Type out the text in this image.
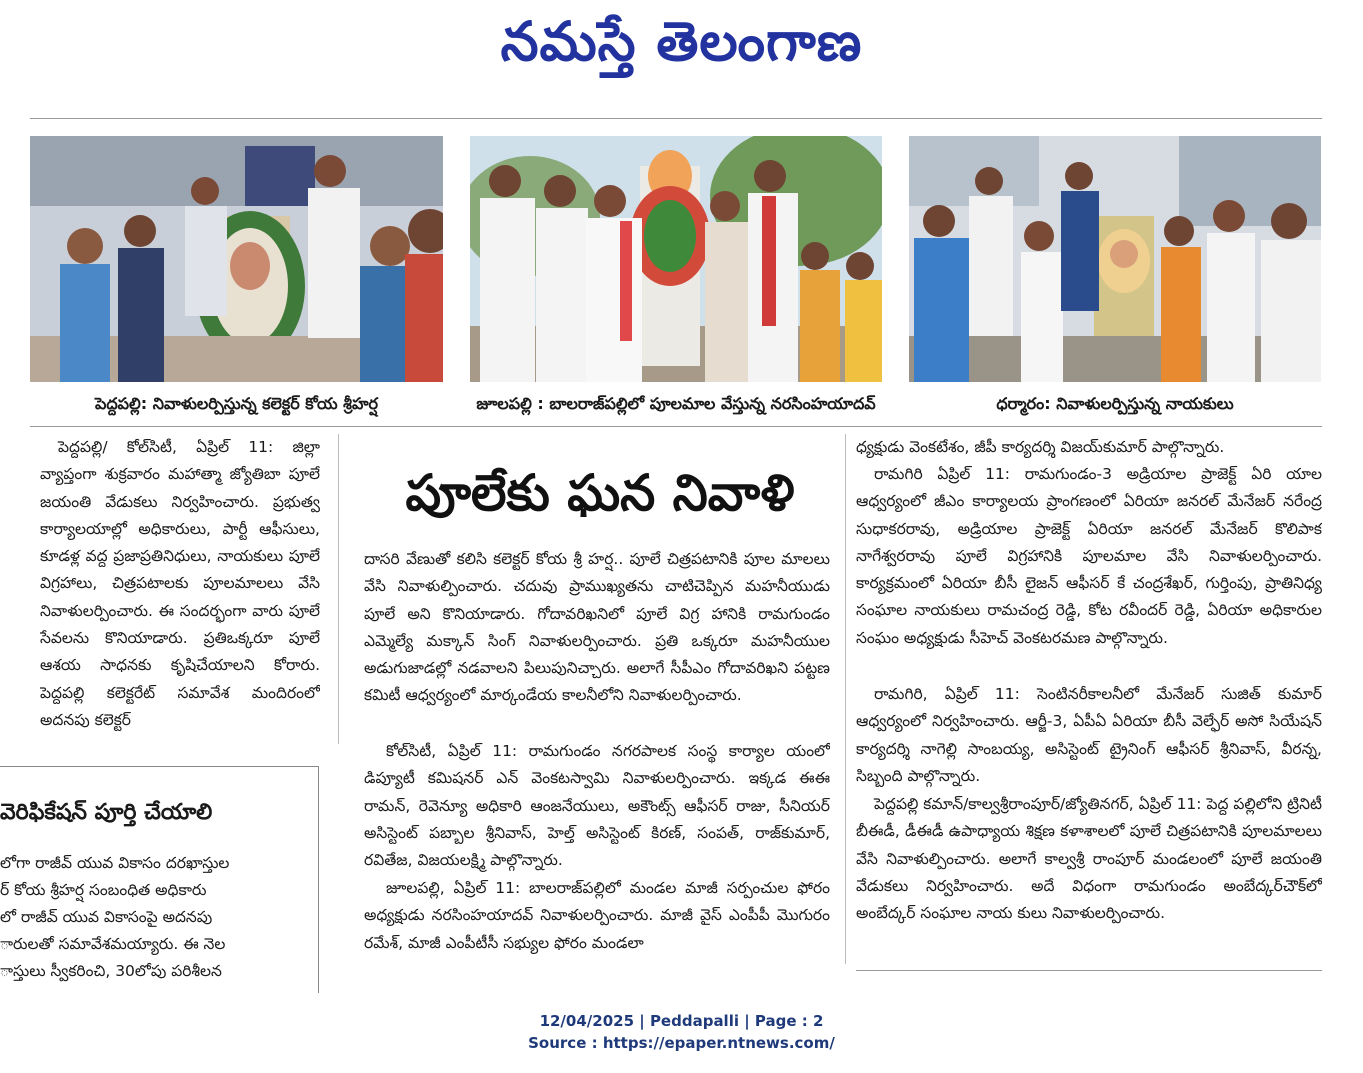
నమస్తే తెలంగాణ
పెద్దపల్లి: నివాళులర్పిస్తున్న కలెక్టర్ కోయ శ్రీహర్ష	జూలపల్లి : బాలరాజ్‌పల్లిలో పూలమాల వేస్తున్న నరసింహయాదవ్	ధర్మారం: నివాళులర్పిస్తున్న నాయకులు

పెద్దపల్లి/ కోల్‌సిటీ, ఏప్రిల్ 11: జిల్లా వ్యాప్తంగా శుక్రవారం మహాత్మా జ్యోతిబా పూలే జయంతి వేడుకలు నిర్వహించారు. ప్రభుత్వ కార్యాలయాల్లో అధికారులు, పార్టీ ఆఫీసులు, కూడళ్ల వద్ద ప్రజాప్రతినిధులు, నాయకులు పూలే విగ్రహాలు, చిత్రపటాలకు పూలమాలలు వేసి నివాళులర్పించారు. ఈ సందర్భంగా వారు పూలే సేవలను కొనియాడారు. ప్రతిఒక్కరూ పూలే ఆశయ సాధనకు కృషిచేయాలని కోరారు. పెద్దపల్లి కలెక్టరేట్ సమావేశ మందిరంలో అదనపు కలెక్టర్

పూలేకు ఘన నివాళి

దాసరి వేణుతో కలిసి కలెక్టర్ కోయ శ్రీ హర్ష.. పూలే చిత్రపటానికి పూల మాలలు వేసి నివాళుల్పించారు. చదువు ప్రాముఖ్యతను చాటిచెప్పిన మహనీయుడు పూలే అని కొనియాడారు. గోదావరిఖనిలో పూలే విగ్ర హానికి రామగుండం ఎమ్మెల్యే మక్కాన్ సింగ్ నివాళులర్పించారు. ప్రతి ఒక్కరూ మహనీయుల అడుగుజాడల్లో నడవాలని పిలుపునిచ్చారు. అలాగే సీపీఎం గోదావరిఖని పట్టణ కమిటీ ఆధ్వర్యంలో మార్కండేయ కాలనీలోని నివాళులర్పించారు.

కోల్‌సిటీ, ఏప్రిల్ 11: రామగుండం నగరపాలక సంస్థ కార్యాల యంలో డిప్యూటీ కమిషనర్ ఎన్ వెంకటస్వామి నివాళులర్పించారు. ఇక్కడ ఈఈ రామన్, రెవెన్యూ అధికారి ఆంజనేయులు, అకౌంట్స్ ఆఫీసర్ రాజు, సీనియర్ అసిస్టెంట్ పబ్బాల శ్రీనివాస్, హెల్త్ అసిస్టెంట్ కిరణ్, సంపత్, రాజ్‌కుమార్, రవితేజ, విజయలక్ష్మి పాల్గొన్నారు.

జూలపల్లి, ఏప్రిల్ 11: బాలరాజ్‌పల్లిలో మండల మాజీ సర్పంచుల ఫోరం అధ్యక్షుడు నరసింహయాదవ్ నివాళులర్పించారు. మాజీ వైస్ ఎంపీపీ మొగురం రమేశ్, మాజీ ఎంపీటీసీ సభ్యుల ఫోరం మండలా

ధ్యక్షుడు వెంకటేశం, జీపీ కార్యదర్శి విజయ్‌కుమార్ పాల్గొన్నారు.

రామగిరి ఏప్రిల్ 11: రామగుండం-3 అడ్రియాల ప్రాజెక్ట్ ఏరి యాల ఆధ్వర్యంలో జీఎం కార్యాలయ ప్రాంగణంలో ఏరియా జనరల్ మేనేజర్ నరేంద్ర సుధాకరరావు, అడ్రియాల ప్రాజెక్ట్ ఏరియా జనరల్ మేనేజర్ కొలిపాక నాగేశ్వరరావు పూలే విగ్రహానికి పూలమాల వేసి నివాళులర్పించారు. కార్యక్రమంలో ఏరియా బీసీ లైజన్ ఆఫీసర్ కే చంద్రశేఖర్, గుర్తింపు, ప్రాతినిధ్య సంఘాల నాయకులు రామచంద్ర రెడ్డి, కోట రవీందర్ రెడ్డి, ఏరియా అధికారుల సంఘం అధ్యక్షుడు సీహెచ్ వెంకటరమణ పాల్గొన్నారు.

రామగిరి, ఏప్రిల్ 11: సెంటినరీకాలనీలో మేనేజర్ సుజిత్ కుమార్ ఆధ్వర్యంలో నిర్వహించారు. ఆర్జీ-3, ఏపీఏ ఏరియా బీసీ వెల్ఫేర్ అసో సియేషన్ కార్యదర్శి నాగెల్లి సాంబయ్య, అసిస్టెంట్ ట్రైనింగ్ ఆఫీసర్ శ్రీనివాస్, వీరన్న, సిబ్బంది పాల్గొన్నారు.

పెద్దపల్లి కమాన్/కాల్వశ్రీరాంపూర్/జ్యోతినగర్, ఏప్రిల్ 11: పెద్ద పల్లిలోని ట్రినిటీ బీఈడీ, డీఈడీ ఉపాధ్యాయ శిక్షణ కళాశాలలో పూలే చిత్రపటానికి పూలమాలలు వేసి నివాళుల్పించారు. అలాగే కాల్వశ్రీ రాంపూర్ మండలంలో పూలే జయంతి వేడుకలు నిర్వహించారు. అదే విధంగా రామగుండం అంబేద్కర్‌చౌక్‌లో అంబేద్కర్ సంఘాల నాయ కులు నివాళులర్పించారు.

వెరిఫికేషన్ పూర్తి చేయాలి
లోగా రాజీవ్ యువ వికాసం దరఖాస్తుల
ర్ కోయ శ్రీహర్ష సంబంధిత అధికారు
లో రాజీవ్ యువ వికాసంపై అదనపు
ారులతో సమావేశమయ్యారు. ఈ నెల
ాస్తులు స్వీకరించి, 30లోపు పరిశీలన
12/04/2025 | Peddapalli | Page : 2
Source : https://epaper.ntnews.com/
